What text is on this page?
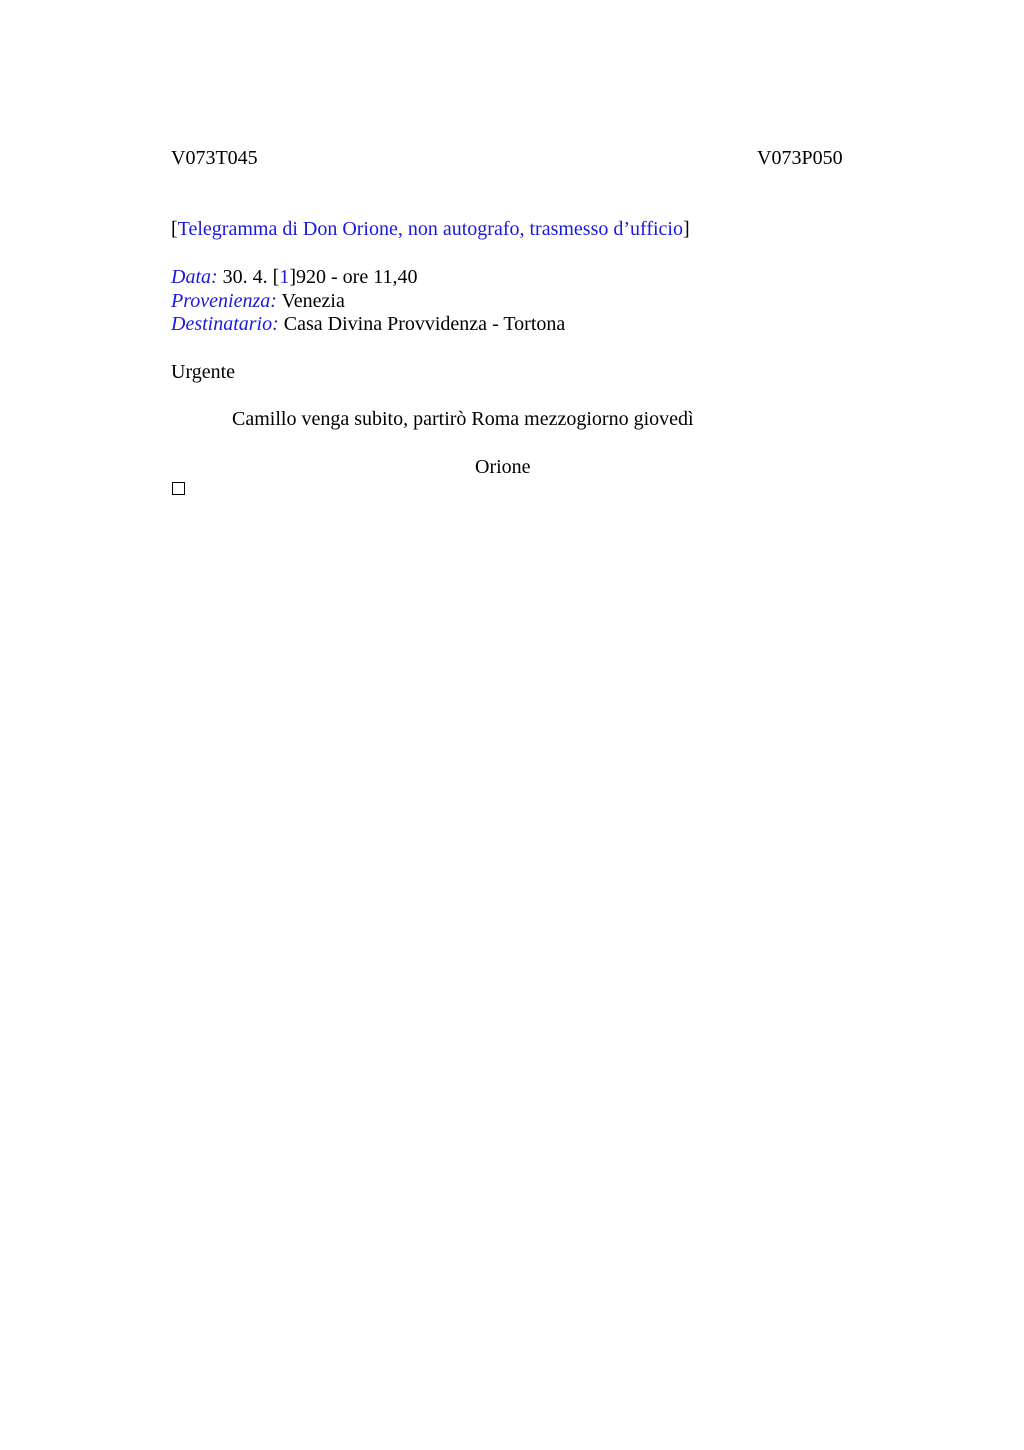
V073T045	V073P050
[Telegramma di Don Orione, non autografo, trasmesso d’ufficio]
Data: 30. 4. [1]920 - ore 11,40
Provenienza: Venezia
Destinatario: Casa Divina Provvidenza - Tortona
Urgente
Camillo venga subito, partirò Roma mezzogiorno giovedì
Orione
